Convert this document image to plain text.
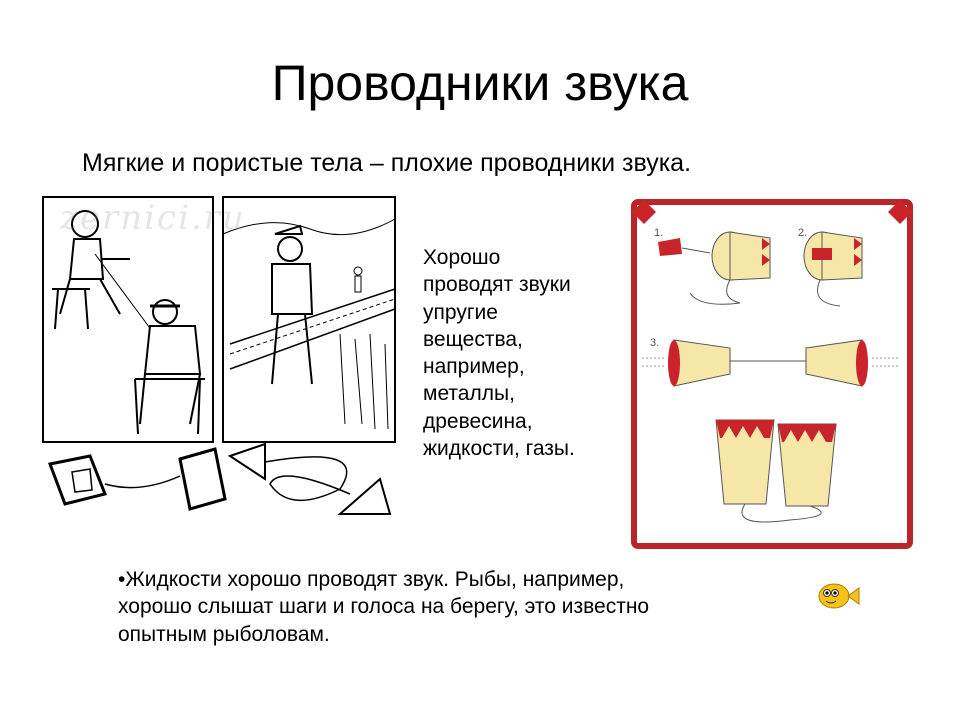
Проводники звука
Мягкие и пористые тела – плохие проводники звука.
zernici.ru
Хорошо
проводят звуки
упругие
вещества,
например,
металлы,
древесина,
жидкости, газы.
1.	2.
3.
•Жидкости хорошо проводят звук. Рыбы, например,
хорошо слышат шаги и голоса на берегу, это известно
опытным рыболовам.
